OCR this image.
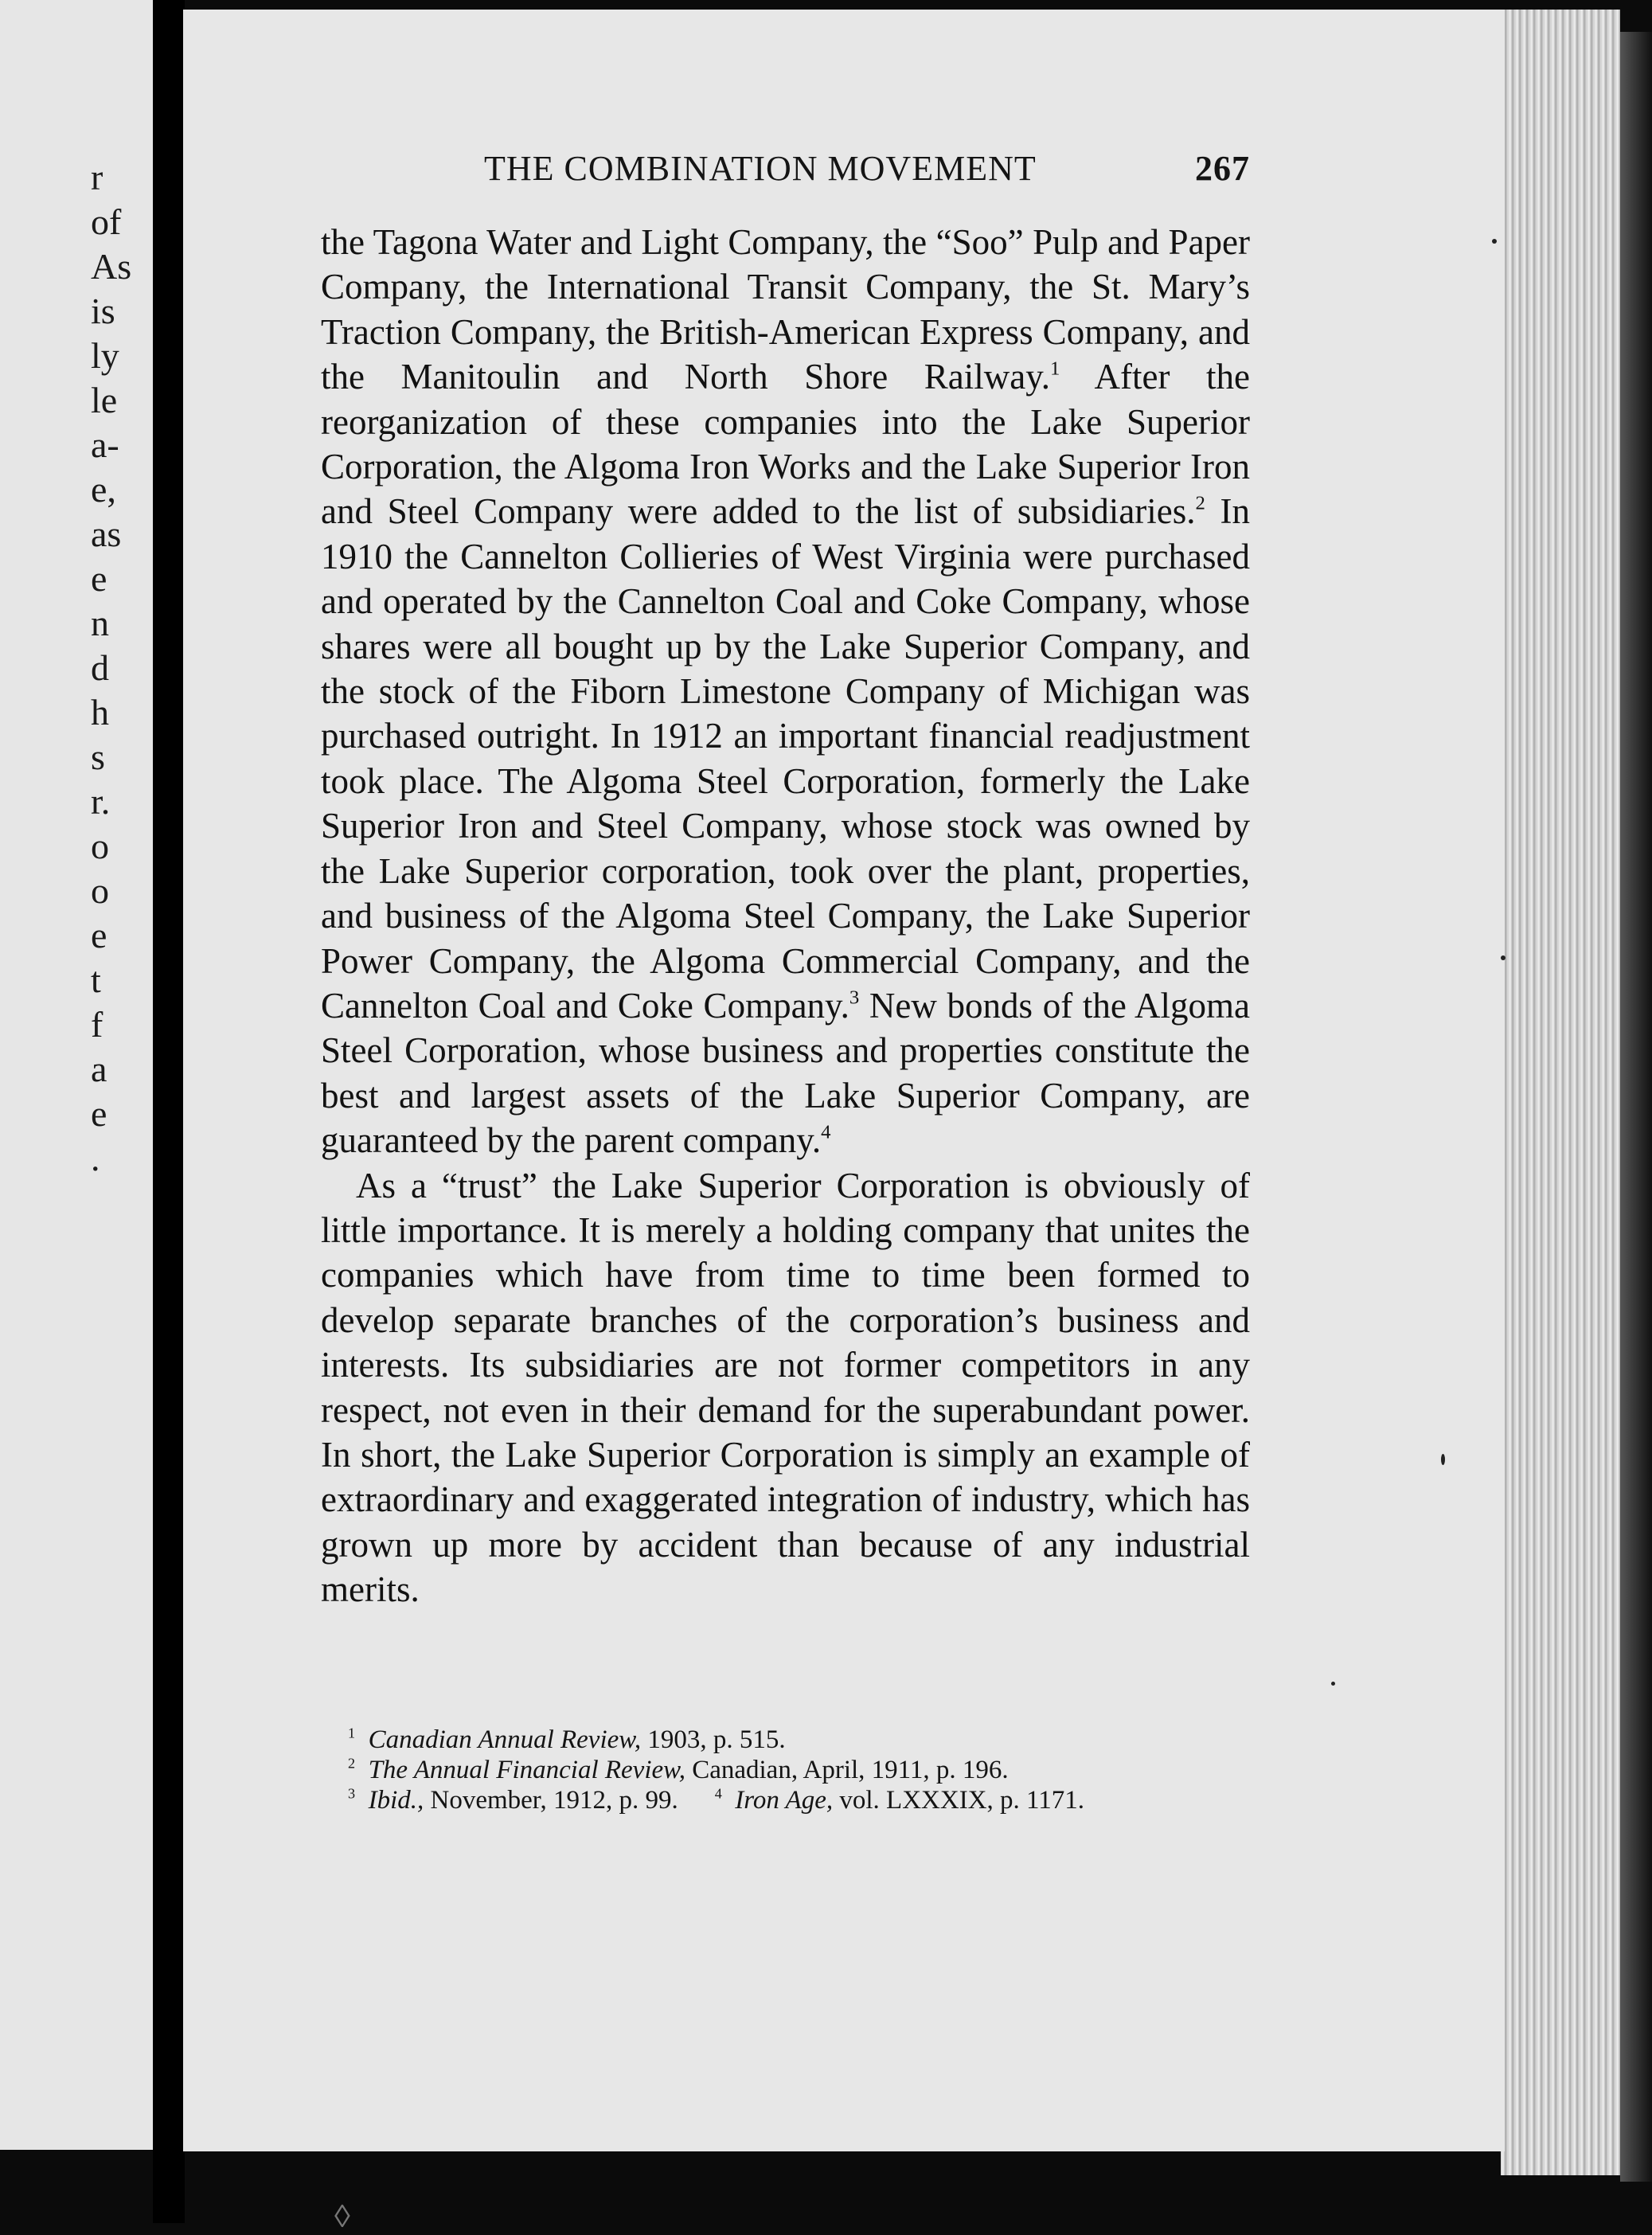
r
of
As
is
ly
le
a-
e,
as
e
n
d
h
s
r.
o
o
e
t
f
a
e
.
THE COMBINATION MOVEMENT	267

the Tagona Water and Light Company, the “Soo” Pulp and Paper Company, the International Transit Company, the St. Mary’s Traction Company, the British-American Express Company, and the Manitoulin and North Shore Railway.$^1$ After the reorganization of these companies into the Lake Superior Corporation, the Algoma Iron Works and the Lake Superior Iron and Steel Company were added to the list of subsidiaries.$^2$ In 1910 the Cannelton Collieries of West Virginia were purchased and operated by the Cannelton Coal and Coke Company, whose shares were all bought up by the Lake Superior Company, and the stock of the Fiborn Limestone Company of Michigan was purchased outright. In 1912 an important financial readjustment took place. The Algoma Steel Corporation, formerly the Lake Superior Iron and Steel Company, whose stock was owned by the Lake Superior corporation, took over the plant, properties, and business of the Algoma Steel Company, the Lake Superior Power Company, the Algoma Commercial Company, and the Cannelton Coal and Coke Company.$^3$ New bonds of the Algoma Steel Corporation, whose business and properties constitute the best and largest assets of the Lake Superior Company, are guaranteed by the parent company.$^4$

As a “trust” the Lake Superior Corporation is obviously of little importance. It is merely a holding company that unites the companies which have from time to time been formed to develop separate branches of the corporation’s business and interests. Its subsidiaries are not former competitors in any respect, not even in their demand for the superabundant power. In short, the Lake Superior Corporation is simply an example of extraordinary and exaggerated integration of industry, which has grown up more by accident than because of any industrial merits.

$^1$ Canadian Annual Review, 1903, p. 515.
$^2$ The Annual Financial Review, Canadian, April, 1911, p. 196.
$^3$ Ibid., November, 1912, p. 99.	$^4$ Iron Age, vol. LXXXIX, p. 1171.
◊
